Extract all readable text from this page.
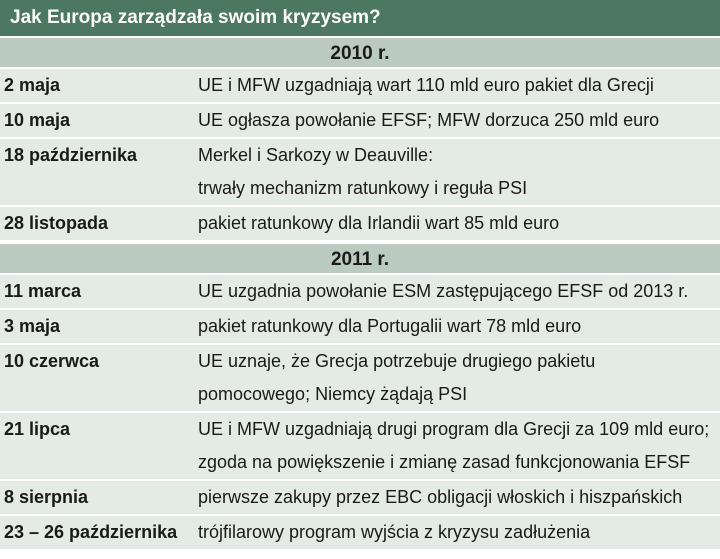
Jak Europa zarządzała swoim kryzysem?
2010 r.
2 maja	UE i MFW uzgadniają wart 110 mld euro pakiet dla Grecji
10 maja	UE ogłasza powołanie EFSF; MFW dorzuca 250 mld euro
18 października	Merkel i Sarkozy w Deauville:
trwały mechanizm ratunkowy i reguła PSI
28 listopada	pakiet ratunkowy dla Irlandii wart 85 mld euro
2011 r.
11 marca	UE uzgadnia powołanie ESM zastępującego EFSF od 2013 r.
3 maja	pakiet ratunkowy dla Portugalii wart 78 mld euro
10 czerwca	UE uznaje, że Grecja potrzebuje drugiego pakietu
pomocowego; Niemcy żądają PSI
21 lipca	UE i MFW uzgadniają drugi program dla Grecji za 109 mld euro;
zgoda na powiększenie i zmianę zasad funkcjonowania EFSF
8 sierpnia	pierwsze zakupy przez EBC obligacji włoskich i hiszpańskich
23 – 26 października	trójfilarowy program wyjścia z kryzysu zadłużenia
